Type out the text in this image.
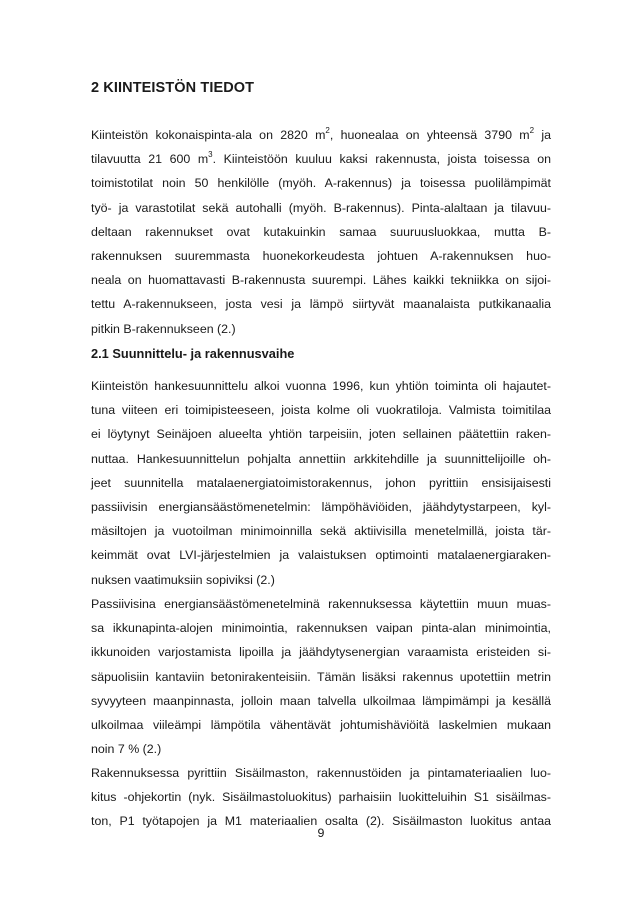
2 KIINTEISTÖN TIEDOT
Kiinteistön kokonaispinta-ala on 2820 $m^2$, huonealaa on yhteensä 3790 $m^2$ ja
tilavuutta 21 600 $m^3$. Kiinteistöön kuuluu kaksi rakennusta, joista toisessa on
toimistotilat noin 50 henkilölle (myöh. A-rakennus) ja toisessa puolilämpimät
työ- ja varastotilat sekä autohalli (myöh. B-rakennus). Pinta-alaltaan ja tilavuu-
deltaan rakennukset ovat kutakuinkin samaa suuruusluokkaa, mutta B-
rakennuksen suuremmasta huonekorkeudesta johtuen A-rakennuksen huo-
neala on huomattavasti B-rakennusta suurempi. Lähes kaikki tekniikka on sijoi-
tettu A-rakennukseen, josta vesi ja lämpö siirtyvät maanalaista putkikanaalia
pitkin B-rakennukseen (2.)
2.1 Suunnittelu- ja rakennusvaihe
Kiinteistön hankesuunnittelu alkoi vuonna 1996, kun yhtiön toiminta oli hajautet-
tuna viiteen eri toimipisteeseen, joista kolme oli vuokratiloja. Valmista toimitilaa
ei löytynyt Seinäjoen alueelta yhtiön tarpeisiin, joten sellainen päätettiin raken-
nuttaa. Hankesuunnittelun pohjalta annettiin arkkitehdille ja suunnittelijoille oh-
jeet suunnitella matalaenergiatoimistorakennus, johon pyrittiin ensisijaisesti
passiivisin energiansäästömenetelmin: lämpöhäviöiden, jäähdytystarpeen, kyl-
mäsiltojen ja vuotoilman minimoinnilla sekä aktiivisilla menetelmillä, joista tär-
keimmät ovat LVI-järjestelmien ja valaistuksen optimointi matalaenergiaraken-
nuksen vaatimuksiin sopiviksi (2.)
Passiivisina energiansäästömenetelminä rakennuksessa käytettiin muun muas-
sa ikkunapinta-alojen minimointia, rakennuksen vaipan pinta-alan minimointia,
ikkunoiden varjostamista lipoilla ja jäähdytysenergian varaamista eristeiden si-
säpuolisiin kantaviin betonirakenteisiin. Tämän lisäksi rakennus upotettiin metrin
syvyyteen maanpinnasta, jolloin maan talvella ulkoilmaa lämpimämpi ja kesällä
ulkoilmaa viileämpi lämpötila vähentävät johtumishäviöitä laskelmien mukaan
noin 7 % (2.)
Rakennuksessa pyrittiin Sisäilmaston, rakennustöiden ja pintamateriaalien luo-
kitus -ohjekortin (nyk. Sisäilmastoluokitus) parhaisiin luokitteluihin S1 sisäilmas-
ton, P1 työtapojen ja M1 materiaalien osalta (2). Sisäilmaston luokitus antaa
9
